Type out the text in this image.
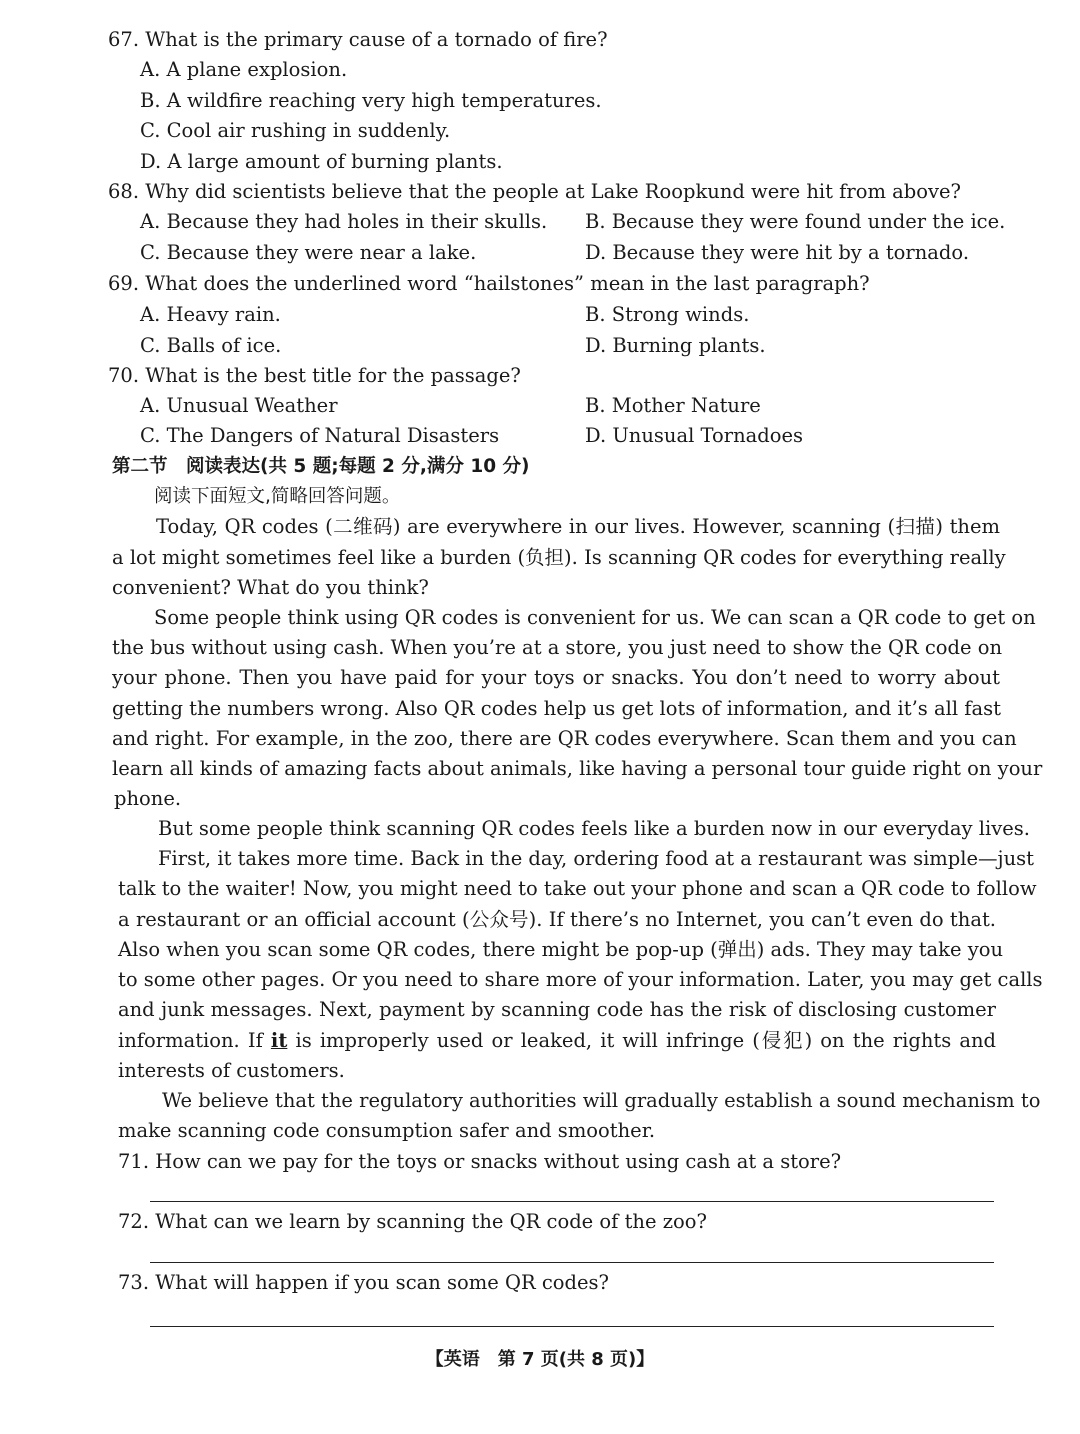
67. What is the primary cause of a tornado of fire?
A. A plane explosion.
B. A wildfire reaching very high temperatures.
C. Cool air rushing in suddenly.
D. A large amount of burning plants.
68. Why did scientists believe that the people at Lake Roopkund were hit from above?
A. Because they had holes in their skulls. B. Because they were found under the ice.
C. Because they were near a lake.	D. Because they were hit by a tornado.
69. What does the underlined word “hailstones” mean in the last paragraph?
A. Heavy rain.	B. Strong winds.
C. Balls of ice.	D. Burning plants.
70. What is the best title for the passage?
A. Unusual Weather	B. Mother Nature
C. The Dangers of Natural Disasters	D. Unusual Tornadoes
第二节　阅读表达(共 5 题;每题 2 分,满分 10 分)
阅读下面短文,简略回答问题。
Today, QR codes (二维码) are everywhere in our lives. However, scanning (扫描) them
a lot might sometimes feel like a burden (负担). Is scanning QR codes for everything really
convenient? What do you think?
Some people think using QR codes is convenient for us. We can scan a QR code to get on
the bus without using cash. When you’re at a store, you just need to show the QR code on
your phone. Then you have paid for your toys or snacks. You don’t need to worry about
getting the numbers wrong. Also QR codes help us get lots of information, and it’s all fast
and right. For example, in the zoo, there are QR codes everywhere. Scan them and you can
learn all kinds of amazing facts about animals, like having a personal tour guide right on your
phone.
But some people think scanning QR codes feels like a burden now in our everyday lives.
First, it takes more time. Back in the day, ordering food at a restaurant was simple—just
talk to the waiter! Now, you might need to take out your phone and scan a QR code to follow
a restaurant or an official account (公众号). If there’s no Internet, you can’t even do that.
Also when you scan some QR codes, there might be pop-up (弹出) ads. They may take you
to some other pages. Or you need to share more of your information. Later, you may get calls
and junk messages. Next, payment by scanning code has the risk of disclosing customer
information. If it is improperly used or leaked, it will infringe (侵犯) on the rights and
interests of customers.
We believe that the regulatory authorities will gradually establish a sound mechanism to
make scanning code consumption safer and smoother.
71. How can we pay for the toys or snacks without using cash at a store?
72. What can we learn by scanning the QR code of the zoo?
73. What will happen if you scan some QR codes?
【英语　第 7 页(共 8 页)】
